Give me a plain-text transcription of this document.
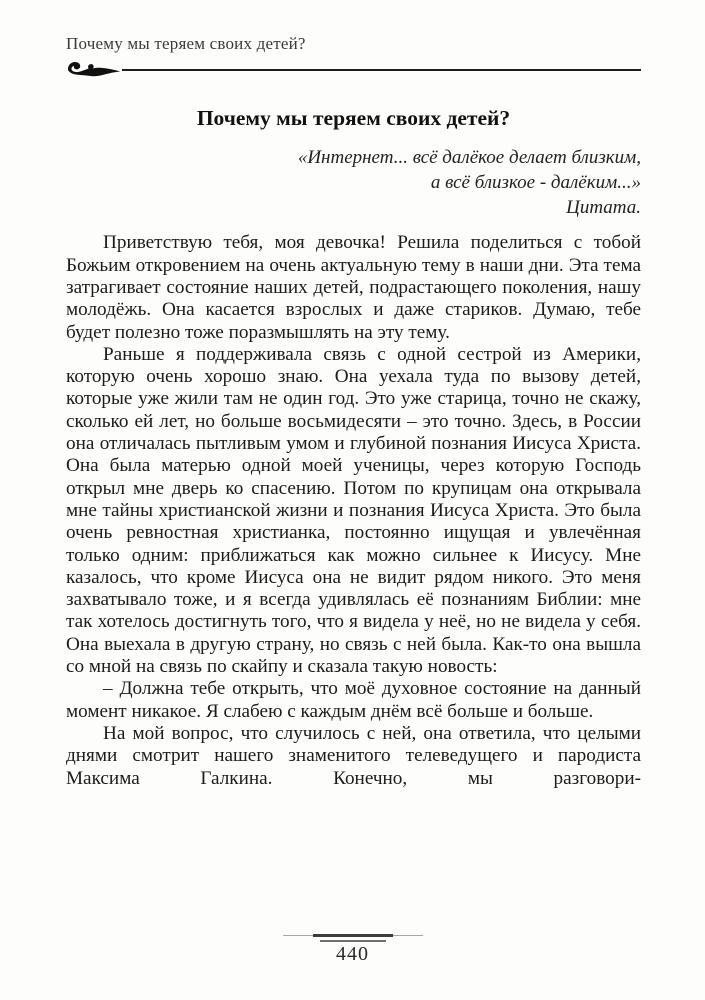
Почему мы теряем своих детей?
Почему мы теряем своих детей?
«Интернет... всё далёкое делает близким,
а всё близкое - далёким...»
Цитата.

Приветствую тебя, моя девочка! Решила поделиться с тобой Божьим откровением на очень актуальную тему в наши дни. Эта тема затрагивает состояние наших детей, подрастающего поколения, нашу молодёжь. Она касается взрослых и даже стариков. Думаю, тебе будет полезно тоже поразмышлять на эту тему.

Раньше я поддерживала связь с одной сестрой из Америки, которую очень хорошо знаю. Она уехала туда по вызову детей, которые уже жили там не один год. Это уже старица, точно не скажу, сколько ей лет, но больше восьмидесяти – это точно. Здесь, в России она отличалась пытливым умом и глубиной познания Иисуса Христа. Она была матерью одной моей ученицы, через которую Господь открыл мне дверь ко спасению. Потом по крупицам она открывала мне тайны христианской жизни и познания Иисуса Христа. Это была очень ревностная христианка, постоянно ищущая и увлечённая только одним: приближаться как можно сильнее к Иисусу. Мне казалось, что кроме Иисуса она не видит рядом никого. Это меня захватывало тоже, и я всегда удивлялась её познаниям Библии: мне так хотелось достигнуть того, что я видела у неё, но не видела у себя. Она выехала в другую страну, но связь с ней была. Как-то она вышла со мной на связь по скайпу и сказала такую новость:

– Должна тебе открыть, что моё духовное состояние на данный момент никакое. Я слабею с каждым днём всё больше и больше.

На мой вопрос, что случилось с ней, она ответила, что целыми днями смотрит нашего знаменитого телеведущего и пародиста Максима Галкина. Конечно, мы разговори-

440
